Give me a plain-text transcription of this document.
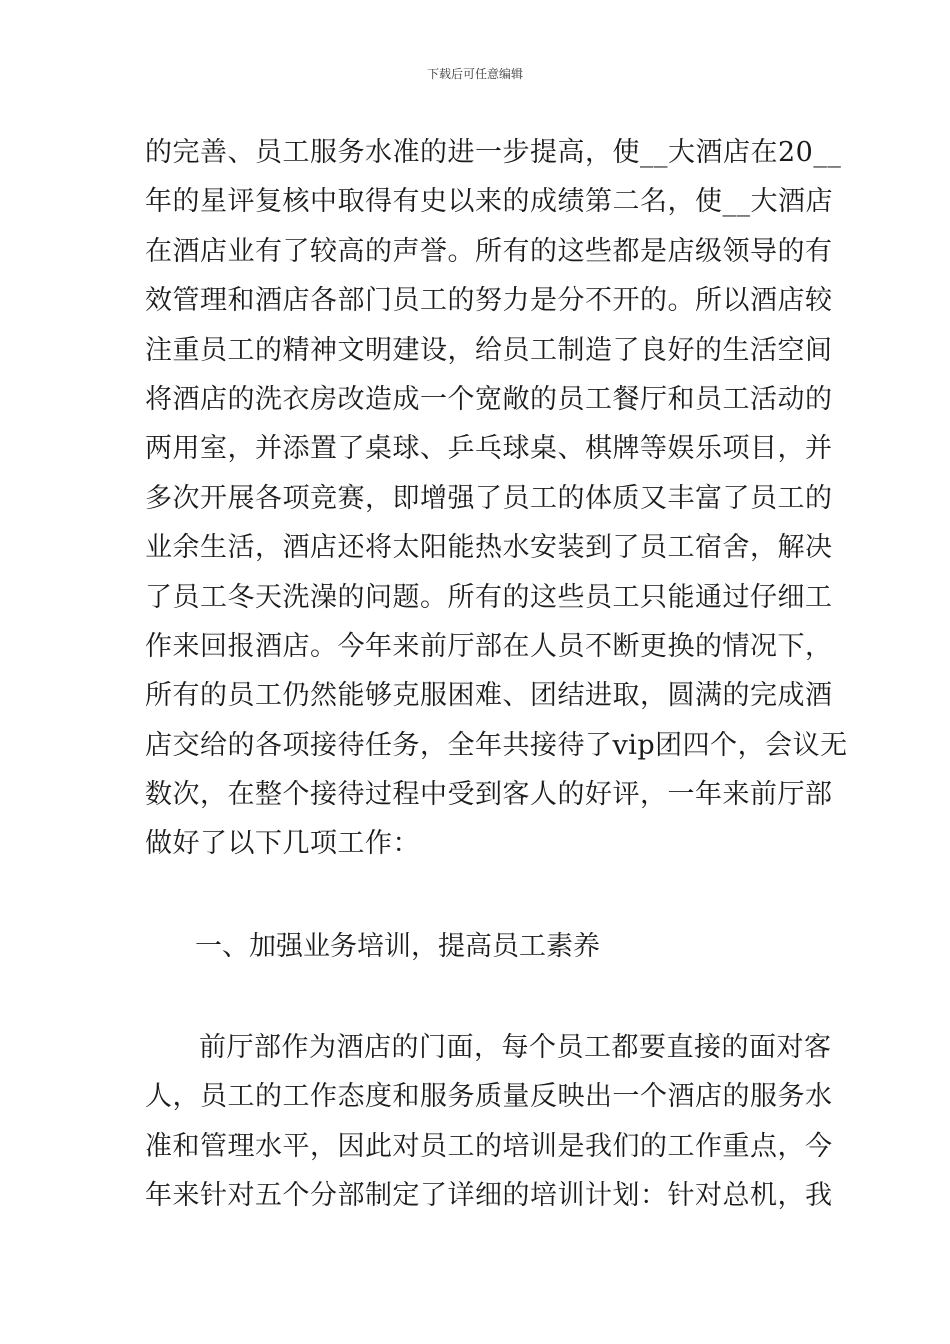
下载后可任意编辑
的完善、员工服务水准的进一步提高，使__大酒店在20__
年的星评复核中取得有史以来的成绩第二名，使__大酒店
在酒店业有了较高的声誉。所有的这些都是店级领导的有
效管理和酒店各部门员工的努力是分不开的。所以酒店较
注重员工的精神文明建设，给员工制造了良好的生活空间
将酒店的洗衣房改造成一个宽敞的员工餐厅和员工活动的
两用室，并添置了桌球、乒乓球桌、棋牌等娱乐项目，并
多次开展各项竞赛，即增强了员工的体质又丰富了员工的
业余生活，酒店还将太阳能热水安装到了员工宿舍，解决
了员工冬天洗澡的问题。所有的这些员工只能通过仔细工
作来回报酒店。今年来前厅部在人员不断更换的情况下，
所有的员工仍然能够克服困难、团结进取，圆满的完成酒
店交给的各项接待任务，全年共接待了vip团四个，会议无
数次，在整个接待过程中受到客人的好评，一年来前厅部
做好了以下几项工作：
一、加强业务培训，提高员工素养
前厅部作为酒店的门面，每个员工都要直接的面对客
人，员工的工作态度和服务质量反映出一个酒店的服务水
准和管理水平，因此对员工的培训是我们的工作重点，今
年来针对五个分部制定了详细的培训计划：针对总机，我
